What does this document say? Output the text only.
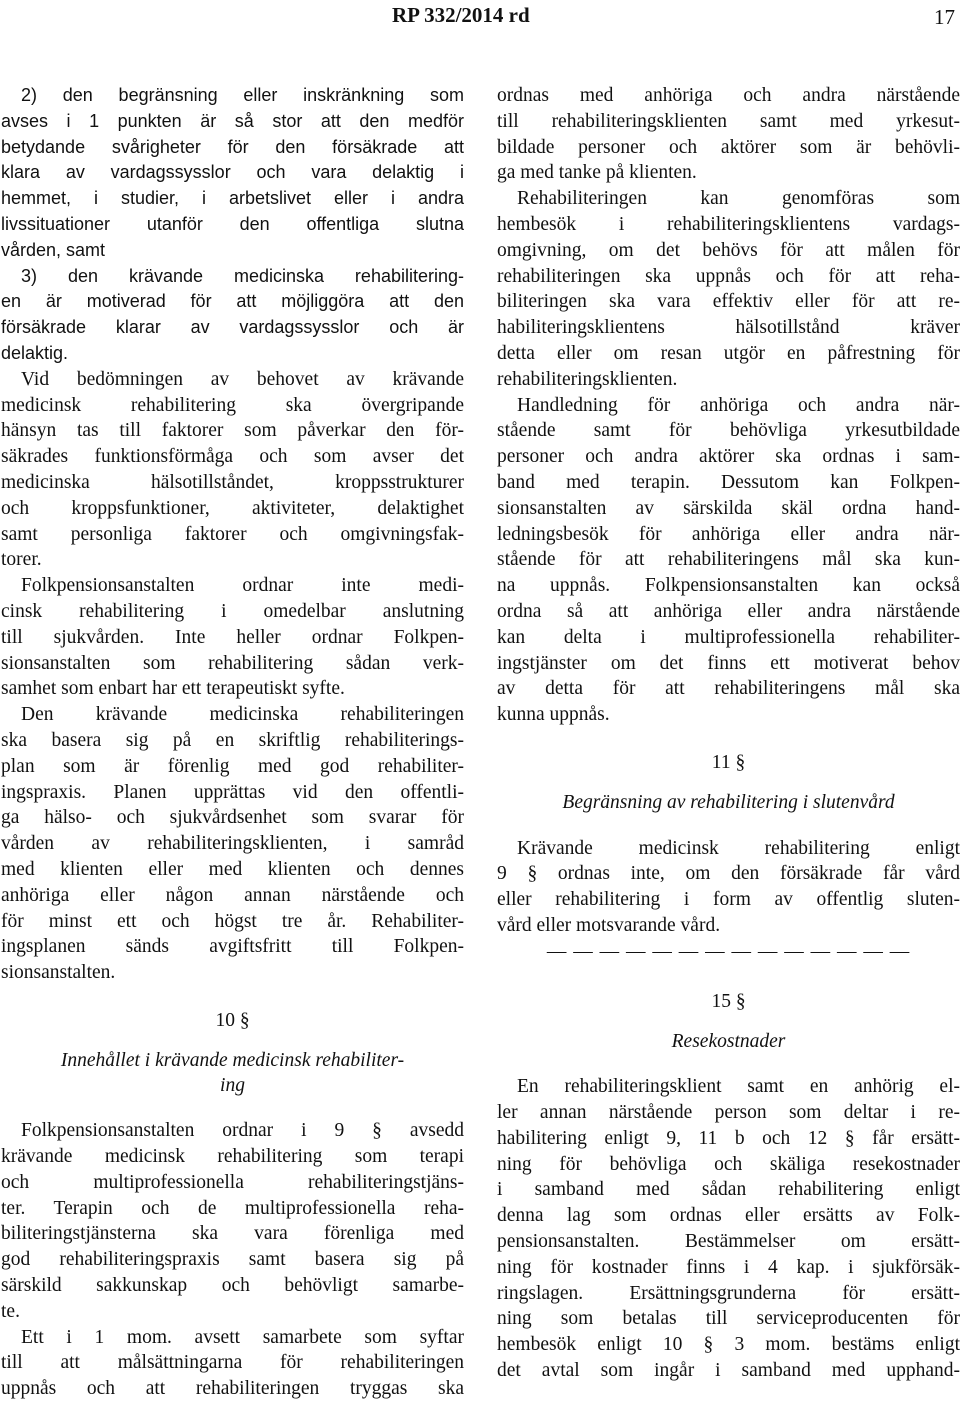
RP 332/2014 rd	17
2) den begränsning eller inskränkning som
avses i 1 punkten är så stor att den medför
betydande svårigheter för den försäkrade att
klara av vardagssysslor och vara delaktig i
hemmet, i studier, i arbetslivet eller i andra
livssituationer utanför den offentliga slutna
vården, samt
3) den krävande medicinska rehabilitering-
en är motiverad för att möjliggöra att den
försäkrade klarar av vardagssysslor och är
delaktig.
Vid bedömningen av behovet av krävande
medicinsk rehabilitering ska övergripande
hänsyn tas till faktorer som påverkar den för-
säkrades funktionsförmåga och som avser det
medicinska hälsotillståndet, kroppsstrukturer
och kroppsfunktioner, aktiviteter, delaktighet
samt personliga faktorer och omgivningsfak-
torer.
Folkpensionsanstalten ordnar inte medi-
cinsk rehabilitering i omedelbar anslutning
till sjukvården. Inte heller ordnar Folkpen-
sionsanstalten som rehabilitering sådan verk-
samhet som enbart har ett terapeutiskt syfte.
Den krävande medicinska rehabiliteringen
ska basera sig på en skriftlig rehabiliterings-
plan som är förenlig med god rehabiliter-
ingspraxis. Planen upprättas vid den offentli-
ga hälso- och sjukvårdsenhet som svarar för
vården av rehabiliteringsklienten, i samråd
med klienten eller med klienten och dennes
anhöriga eller någon annan närstående och
för minst ett och högst tre år. Rehabiliter-
ingsplanen sänds avgiftsfritt till Folkpen-
sionsanstalten.
10 §
Innehållet i krävande medicinsk rehabiliter-
ing
Folkpensionsanstalten ordnar i 9 § avsedd
krävande medicinsk rehabilitering som terapi
och multiprofessionella rehabiliteringstjäns-
ter. Terapin och de multiprofessionella reha-
biliteringstjänsterna ska vara förenliga med
god rehabiliteringspraxis samt basera sig på
särskild sakkunskap och behövligt samarbe-
te.
Ett i 1 mom. avsett samarbete som syftar
till att målsättningarna för rehabiliteringen
uppnås och att rehabiliteringen tryggas ska
ordnas med anhöriga och andra närstående
till rehabiliteringsklienten samt med yrkesut-
bildade personer och aktörer som är behövli-
ga med tanke på klienten.
Rehabiliteringen kan genomföras som
hembesök i rehabiliteringsklientens vardags-
omgivning, om det behövs för att målen för
rehabiliteringen ska uppnås och för att reha-
biliteringen ska vara effektiv eller för att re-
habiliteringsklientens hälsotillstånd kräver
detta eller om resan utgör en påfrestning för
rehabiliteringsklienten.
Handledning för anhöriga och andra när-
stående samt för behövliga yrkesutbildade
personer och andra aktörer ska ordnas i sam-
band med terapin. Dessutom kan Folkpen-
sionsanstalten av särskilda skäl ordna hand-
ledningsbesök för anhöriga eller andra när-
stående för att rehabiliteringens mål ska kun-
na uppnås. Folkpensionsanstalten kan också
ordna så att anhöriga eller andra närstående
kan delta i multiprofessionella rehabiliter-
ingstjänster om det finns ett motiverat behov
av detta för att rehabiliteringens mål ska
kunna uppnås.
11 §
Begränsning av rehabilitering i slutenvård
Krävande medicinsk rehabilitering enligt
9 § ordnas inte, om den försäkrade får vård
eller rehabilitering i form av offentlig sluten-
vård eller motsvarande vård.
— — — — — — — — — — — — — —
15 §
Resekostnader
En rehabiliteringsklient samt en anhörig el-
ler annan närstående person som deltar i re-
habilitering enligt 9, 11 b och 12 § får ersätt-
ning för behövliga och skäliga resekostnader
i samband med sådan rehabilitering enligt
denna lag som ordnas eller ersätts av Folk-
pensionsanstalten. Bestämmelser om ersätt-
ning för kostnader finns i 4 kap. i sjukförsäk-
ringslagen. Ersättningsgrunderna för ersätt-
ning som betalas till serviceproducenten för
hembesök enligt 10 § 3 mom. bestäms enligt
det avtal som ingår i samband med upphand-
